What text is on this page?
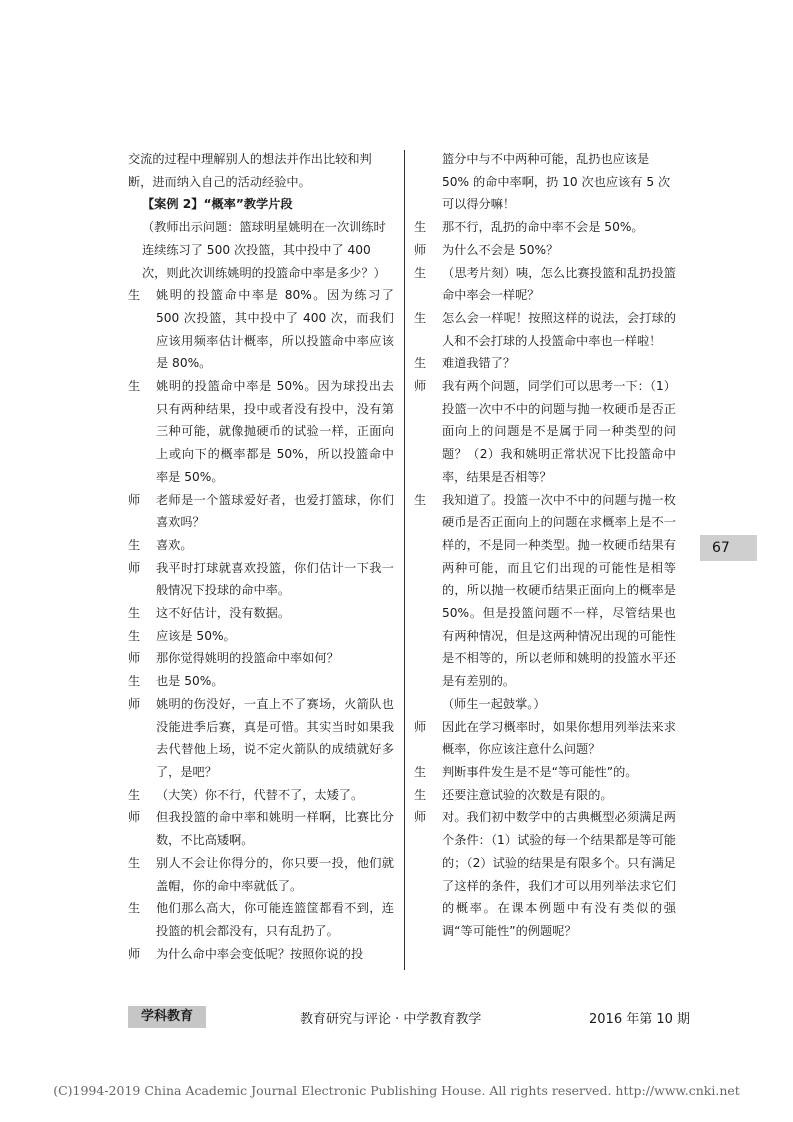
交流的过程中理解别人的想法并作出比较和判断，进而纳入自己的活动经验中。

【案例 2】“概率”教学片段

（教师出示问题：篮球明星姚明在一次训练时连续练习了 500 次投篮，其中投中了 400 次，则此次训练姚明的投篮命中率是多少？）

生	姚明的投篮命中率是 80%。因为练习了 500 次投篮，其中投中了 400 次，而我们应该用频率估计概率，所以投篮命中率应该是 80%。
生	姚明的投篮命中率是 50%。因为球投出去只有两种结果，投中或者没有投中，没有第三种可能，就像抛硬币的试验一样，正面向上或向下的概率都是 50%，所以投篮命中率是 50%。
师	老师是一个篮球爱好者，也爱打篮球，你们喜欢吗？
生	喜欢。
师	我平时打球就喜欢投篮，你们估计一下我一般情况下投球的命中率。
生	这不好估计，没有数据。
生	应该是 50%。
师	那你觉得姚明的投篮命中率如何？
生	也是 50%。
师	姚明的伤没好，一直上不了赛场，火箭队也没能进季后赛，真是可惜。其实当时如果我去代替他上场，说不定火箭队的成绩就好多了，是吧？
生	（大笑）你不行，代替不了，太矮了。
师	但我投篮的命中率和姚明一样啊，比赛比分数，不比高矮啊。
生	别人不会让你得分的，你只要一投，他们就盖帽，你的命中率就低了。
生	他们那么高大，你可能连篮筐都看不到，连投篮的机会都没有，只有乱扔了。
师	为什么命中率会变低呢？按照你说的投

篮分中与不中两种可能，乱扔也应该是 50% 的命中率啊，扔 10 次也应该有 5 次可以得分嘛！

生	那不行，乱扔的命中率不会是 50%。
师	为什么不会是 50%？
生	（思考片刻）咦，怎么比赛投篮和乱扔投篮命中率会一样呢？
生	怎么会一样呢！按照这样的说法，会打球的人和不会打球的人投篮命中率也一样啦！
生	难道我错了？
师	我有两个问题，同学们可以思考一下：（1）投篮一次中不中的问题与抛一枚硬币是否正面向上的问题是不是属于同一种类型的问题？（2）我和姚明正常状况下比投篮命中率，结果是否相等？
生	我知道了。投篮一次中不中的问题与抛一枚硬币是否正面向上的问题在求概率上是不一样的，不是同一种类型。抛一枚硬币结果有两种可能，而且它们出现的可能性是相等的，所以抛一枚硬币结果正面向上的概率是 50%。但是投篮问题不一样，尽管结果也有两种情况，但是这两种情况出现的可能性是不相等的，所以老师和姚明的投篮水平还是有差别的。
（师生一起鼓掌。）
师	因此在学习概率时，如果你想用列举法来求概率，你应该注意什么问题？
生	判断事件发生是不是“等可能性”的。
生	还要注意试验的次数是有限的。
师	对。我们初中数学中的古典概型必须满足两个条件：（1）试验的每一个结果都是等可能的；（2）试验的结果是有限多个。只有满足了这样的条件，我们才可以用列举法求它们的概率。在课本例题中有没有类似的强调“等可能性”的例题呢？
67
学科教育	教育研究与评论 · 中学教育教学	2016 年第 10 期
(C)1994-2019 China Academic Journal Electronic Publishing House. All rights reserved. http://www.cnki.net
